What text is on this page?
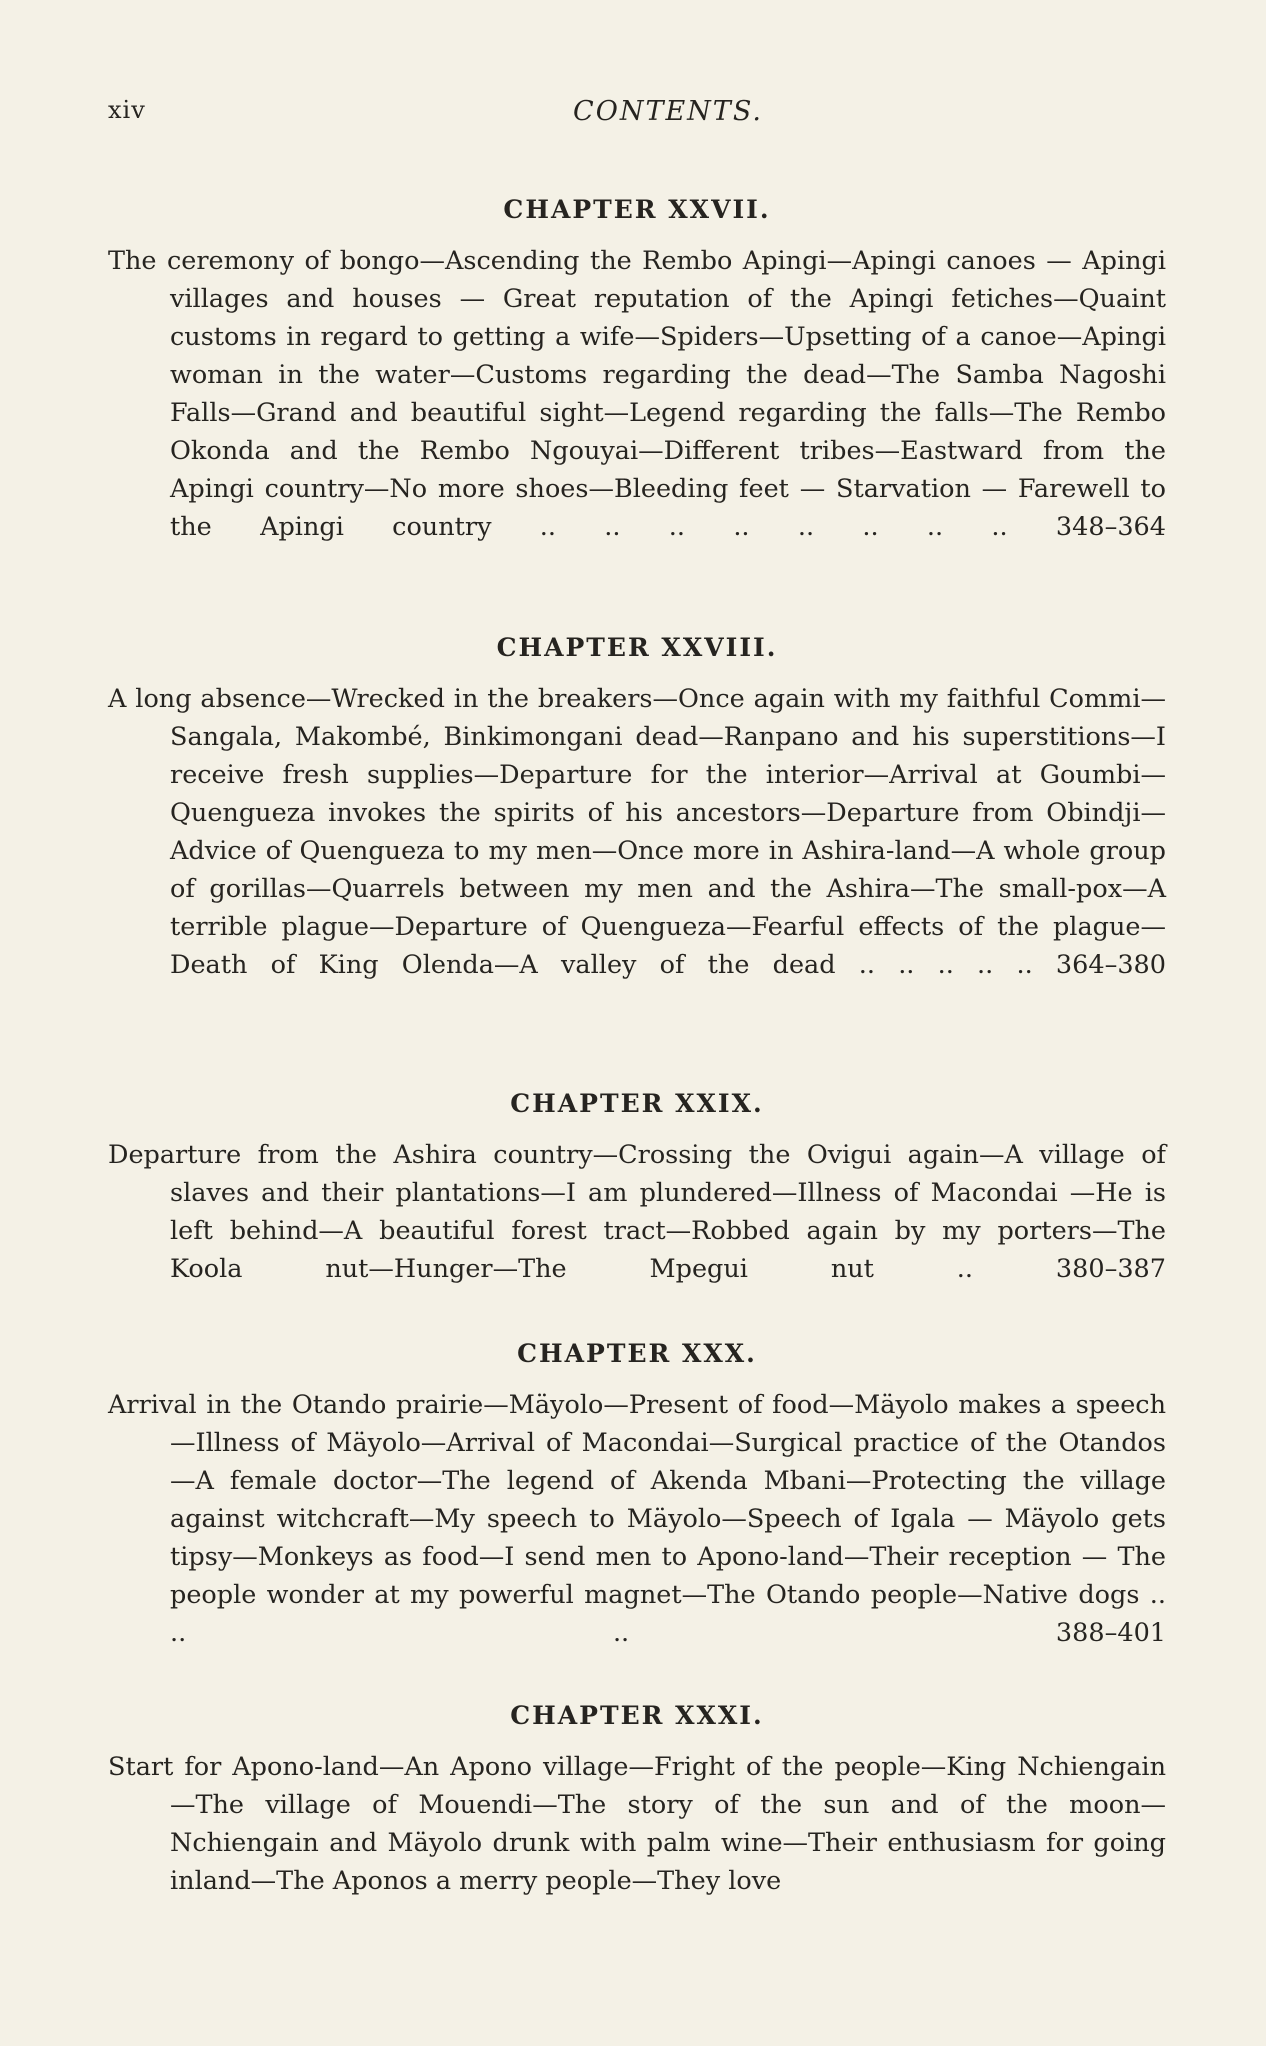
xiv	CONTENTS.
CHAPTER XXVII.

The ceremony of bongo—Ascending the Rembo Apingi—Apingi canoes — Apingi villages and houses — Great reputation of the Apingi fetiches—Quaint customs in regard to getting a wife—Spiders—Upsetting of a canoe—Apingi woman in the water—Customs regarding the dead—The Samba Nagoshi Falls—Grand and beautiful sight—Legend regarding the falls—The Rembo Okonda and the Rembo Ngouyai—Different tribes—Eastward from the Apingi country—No more shoes—Bleeding feet — Starvation — Farewell to the Apingi country .. .. .. .. .. .. .. .. 348–364

CHAPTER XXVIII.

A long absence—Wrecked in the breakers—Once again with my faithful Commi—Sangala, Makombé, Binkimongani dead—Ranpano and his superstitions—I receive fresh supplies—Departure for the interior—Arrival at Goumbi—Quengueza invokes the spirits of his ancestors—Departure from Obindji—Advice of Quengueza to my men—Once more in Ashira-land—A whole group of gorillas—Quarrels between my men and the Ashira—The small-pox—A terrible plague—Departure of Quengueza—Fearful effects of the plague—Death of King Olenda—A valley of the dead .. .. .. .. .. 364–380

CHAPTER XXIX.

Departure from the Ashira country—Crossing the Ovigui again—A village of slaves and their plantations—I am plundered—Illness of Macondai —He is left behind—A beautiful forest tract—Robbed again by my porters—The Koola nut—Hunger—The Mpegui nut ..	380–387

CHAPTER XXX.

Arrival in the Otando prairie—Mäyolo—Present of food—Mäyolo makes a speech—Illness of Mäyolo—Arrival of Macondai—Surgical practice of the Otandos—A female doctor—The legend of Akenda Mbani—Protecting the village against witchcraft—My speech to Mäyolo—Speech of Igala — Mäyolo gets tipsy—Monkeys as food—I send men to Apono-land—Their reception — The people wonder at my powerful magnet—The Otando people—Native dogs .. .. ..	388–401

CHAPTER XXXI.

Start for Apono-land—An Apono village—Fright of the people—King Nchiengain—The village of Mouendi—The story of the sun and of the moon—Nchiengain and Mäyolo drunk with palm wine—Their enthusiasm for going inland—The Aponos a merry people—They love
